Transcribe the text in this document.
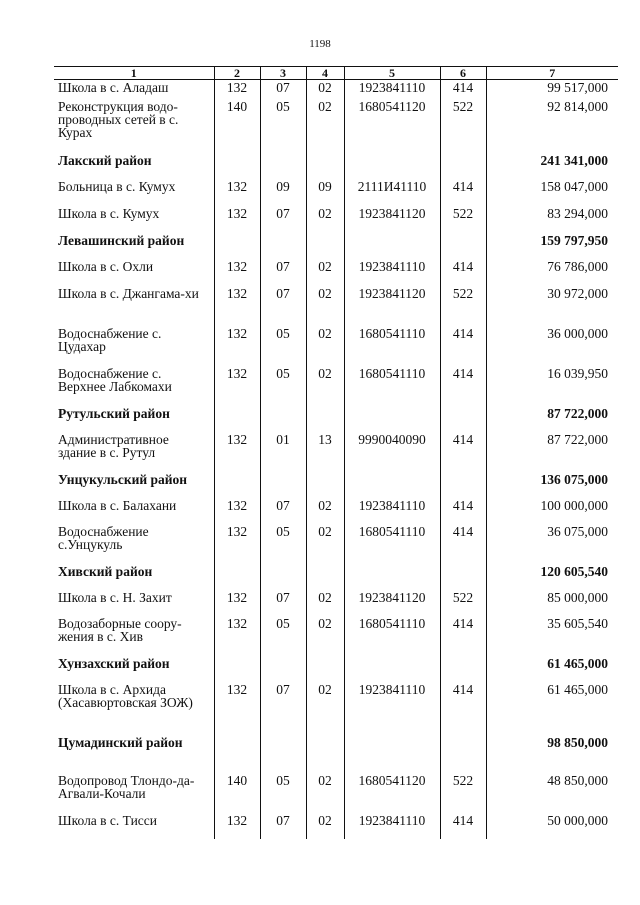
1198
1	2	3	4	5	6	7
Школа в с. Аладаш	132	07	02	1923841110	414	99 517,000
Реконструкция водо-проводных сетей в с. Курах	140	05	02	1680541120	522	92 814,000
Лакский район						241 341,000
Больница в с. Кумух	132	09	09	2111И41110	414	158 047,000
Школа в с. Кумух	132	07	02	1923841120	522	83 294,000
Левашинский район						159 797,950
Школа в с. Охли	132	07	02	1923841110	414	76 786,000
Школа в с. Джангама-хи	132	07	02	1923841120	522	30 972,000
Водоснабжение с. Цудахар	132	05	02	1680541110	414	36 000,000
Водоснабжение с. Верхнее Лабкомахи	132	05	02	1680541110	414	16 039,950
Рутульский район						87 722,000
Административное здание в с. Рутул	132	01	13	9990040090	414	87 722,000
Унцукульский район						136 075,000
Школа в с. Балахани	132	07	02	1923841110	414	100 000,000
Водоснабжение с.Унцукуль	132	05	02	1680541110	414	36 075,000
Хивский район						120 605,540
Школа в с. Н. Захит	132	07	02	1923841120	522	85 000,000
Водозаборные соору-жения в с. Хив	132	05	02	1680541110	414	35 605,540
Хунзахский район						61 465,000
Школа в с. Архида (Хасавюртовская ЗОЖ)	132	07	02	1923841110	414	61 465,000
Цумадинский район						98 850,000
Водопровод Тлондо-да-Агвали-Кочали	140	05	02	1680541120	522	48 850,000
Школа в с. Тисси	132	07	02	1923841110	414	50 000,000
